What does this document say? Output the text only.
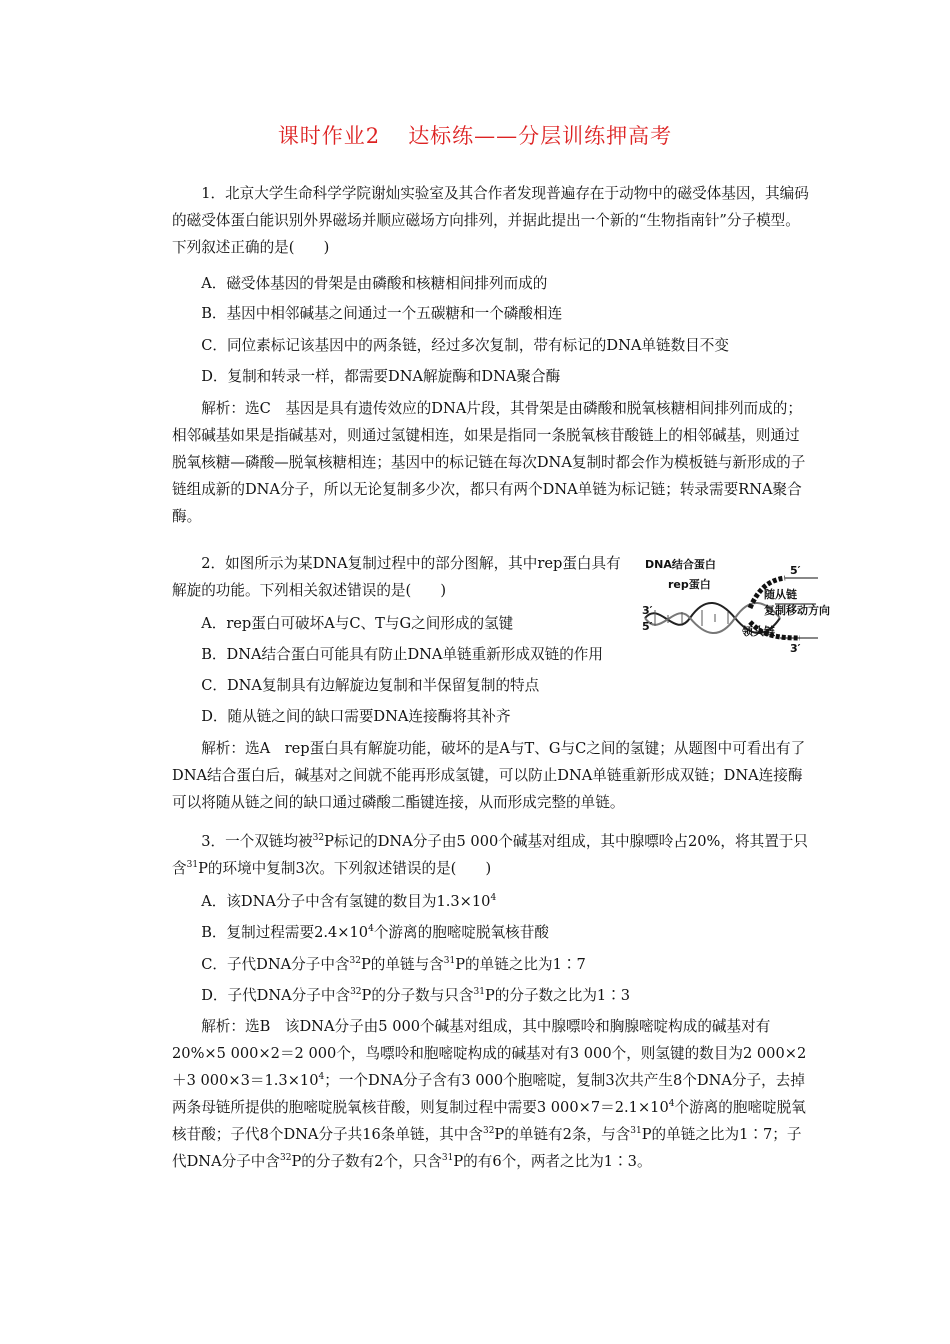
课时作业2 达标练——分层训练押高考

1．北京大学生命科学学院谢灿实验室及其合作者发现普遍存在于动物中的磁受体基因，其编码的磁受体蛋白能识别外界磁场并顺应磁场方向排列，并据此提出一个新的“生物指南针”分子模型。下列叙述正确的是(　　)

A．磁受体基因的骨架是由磷酸和核糖相间排列而成的

B．基因中相邻碱基之间通过一个五碳糖和一个磷酸相连

C．同位素标记该基因中的两条链，经过多次复制，带有标记的DNA单链数目不变

D．复制和转录一样，都需要DNA解旋酶和DNA聚合酶

解析：选C　基因是具有遗传效应的DNA片段，其骨架是由磷酸和脱氧核糖相间排列而成的；相邻碱基如果是指碱基对，则通过氢键相连，如果是指同一条脱氧核苷酸链上的相邻碱基，则通过脱氧核糖—磷酸—脱氧核糖相连；基因中的标记链在每次DNA复制时都会作为模板链与新形成的子链组成新的DNA分子，所以无论复制多少次，都只有两个DNA单链为标记链；转录需要RNA聚合酶。

2．如图所示为某DNA复制过程中的部分图解，其中rep蛋白具有解旋的功能。下列相关叙述错误的是(　　)

A．rep蛋白可破坏A与C、T与G之间形成的氢键

B．DNA结合蛋白可能具有防止DNA单链重新形成双链的作用

C．DNA复制具有边解旋边复制和半保留复制的特点

D．随从链之间的缺口需要DNA连接酶将其补齐

解析：选A　rep蛋白具有解旋功能，破坏的是A与T、G与C之间的氢键；从题图中可看出有了DNA结合蛋白后，碱基对之间就不能再形成氢键，可以防止DNA单链重新形成双链；DNA连接酶可以将随从链之间的缺口通过磷酸二酯键连接，从而形成完整的单链。

DNA结合蛋白
rep蛋白
5′
随从链
复制移动方向
3′
5′	领头链
3′

3．一个双链均被$^{32}$P标记的DNA分子由5 000个碱基对组成，其中腺嘌呤占20%，将其置于只含$^{31}$P的环境中复制3次。下列叙述错误的是(　　)

A．该DNA分子中含有氢键的数目为$1.3\times 10^4$

B．复制过程需要$2.4\times 10^4$个游离的胞嘧啶脱氧核苷酸

C．子代DNA分子中含$^{32}$P的单链与含$^{31}$P的单链之比为1∶7

D．子代DNA分子中含$^{32}$P的分子数与只含$^{31}$P的分子数之比为1∶3

解析：选B　该DNA分子由5 000个碱基对组成，其中腺嘌呤和胸腺嘧啶构成的碱基对有20%×5 000×2＝2 000个，鸟嘌呤和胞嘧啶构成的碱基对有3 000个，则氢键的数目为2 000×2＋3 $000\times 3=1.3\times 10^4$；一个DNA分子含有3 000个胞嘧啶，复制3次共产生8个DNA分子，去掉两条母链所提供的胞嘧啶脱氧核苷酸，则复制过程中需要3 $000\times 7=2.1\times 10^4$个游离的胞嘧啶脱氧核苷酸；子代8个DNA分子共16条单链，其中含$^{32}$P的单链有2条，与含$^{31}$P的单链之比为1∶7；子代DNA分子中含$^{32}$P的分子数有2个，只含$^{31}$P的有6个，两者之比为1∶3。
